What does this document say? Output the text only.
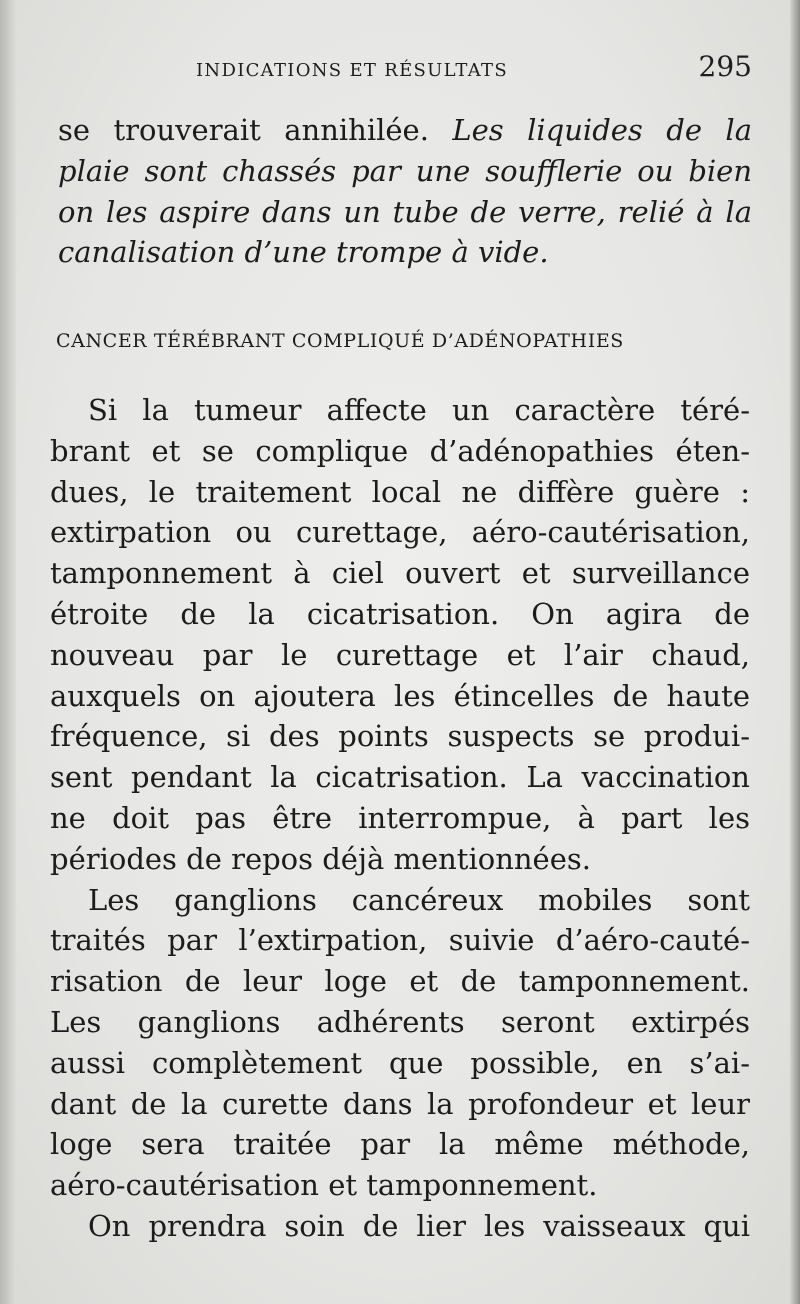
INDICATIONS ET RÉSULTATS	295
se trouverait annihilée. Les liquides de la
plaie sont chassés par une soufflerie ou bien
on les aspire dans un tube de verre, relié à la
canalisation d’une trompe à vide.
CANCER TÉRÉBRANT COMPLIQUÉ D’ADÉNOPATHIES
Si la tumeur affecte un caractère téré-
brant et se complique d’adénopathies éten-
dues, le traitement local ne diffère guère :
extirpation ou curettage, aéro-cautérisation,
tamponnement à ciel ouvert et surveillance
étroite de la cicatrisation. On agira de
nouveau par le curettage et l’air chaud,
auxquels on ajoutera les étincelles de haute
fréquence, si des points suspects se produi-
sent pendant la cicatrisation. La vaccination
ne doit pas être interrompue, à part les
périodes de repos déjà mentionnées.
Les ganglions cancéreux mobiles sont
traités par l’extirpation, suivie d’aéro-cauté-
risation de leur loge et de tamponnement.
Les ganglions adhérents seront extirpés
aussi complètement que possible, en s’ai-
dant de la curette dans la profondeur et leur
loge sera traitée par la même méthode,
aéro-cautérisation et tamponnement.
On prendra soin de lier les vaisseaux qui
